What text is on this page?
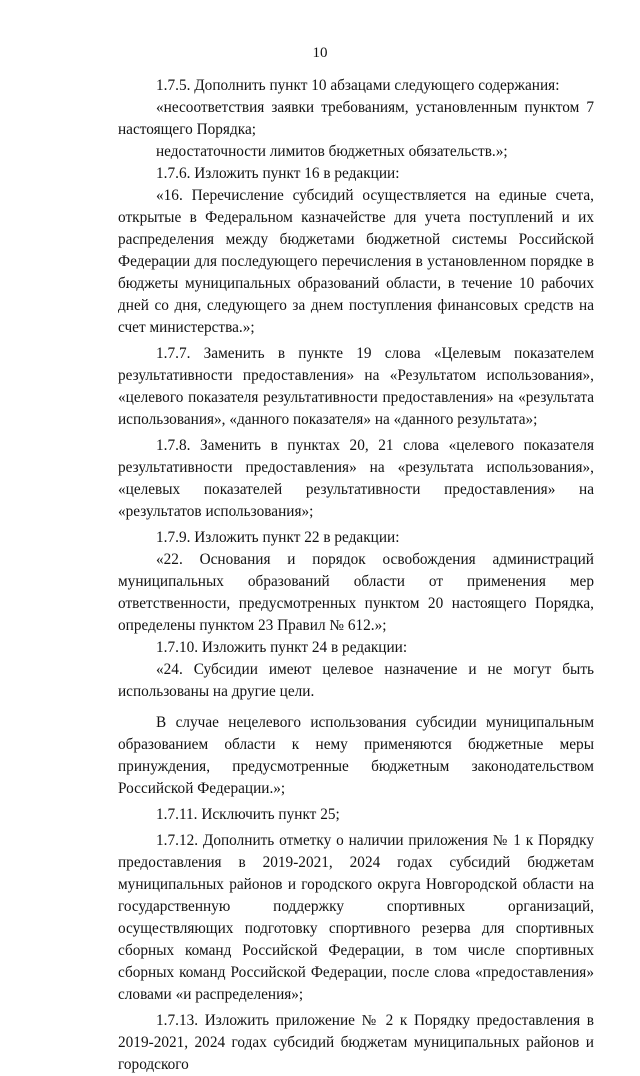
10

1.7.5. Дополнить пункт 10 абзацами следующего содержания:

«несоответствия заявки требованиям, установленным пунктом 7 настоящего Порядка;

недостаточности лимитов бюджетных обязательств.»;

1.7.6. Изложить пункт 16 в редакции:

«16. Перечисление субсидий осуществляется на единые счета, открытые в Федеральном казначействе для учета поступлений и их распределения между бюджетами бюджетной системы Российской Федерации для последующего перечисления в установленном порядке в бюджеты муниципальных образований области, в течение 10 рабочих дней со дня, следующего за днем поступления финансовых средств на счет министерства.»;

1.7.7. Заменить в пункте 19 слова «Целевым показателем результативности предоставления» на «Результатом использования», «целевого показателя результативности предоставления» на «результата использования», «данного показателя» на «данного результата»;

1.7.8. Заменить в пунктах 20, 21 слова «целевого показателя результативности предоставления» на «результата использования», «целевых показателей результативности предоставления» на «результатов использования»;

1.7.9. Изложить пункт 22 в редакции:

«22. Основания и порядок освобождения администраций муниципальных образований области от применения мер ответственности, предусмотренных пунктом 20 настоящего Порядка, определены пунктом 23 Правил № 612.»;

1.7.10. Изложить пункт 24 в редакции:

«24. Субсидии имеют целевое назначение и не могут быть использованы на другие цели.

В случае нецелевого использования субсидии муниципальным образованием области к нему применяются бюджетные меры принуждения, предусмотренные бюджетным законодательством Российской Федерации.»;

1.7.11. Исключить пункт 25;

1.7.12. Дополнить отметку о наличии приложения № 1 к Порядку предоставления в 2019-2021, 2024 годах субсидий бюджетам муниципальных районов и городского округа Новгородской области на государственную поддержку спортивных организаций, осуществляющих подготовку спортивного резерва для спортивных сборных команд Российской Федерации, в том числе спортивных сборных команд Российской Федерации, после слова «предоставления» словами «и распределения»;

1.7.13. Изложить приложение № 2 к Порядку предоставления в 2019-2021, 2024 годах субсидий бюджетам муниципальных районов и городского
